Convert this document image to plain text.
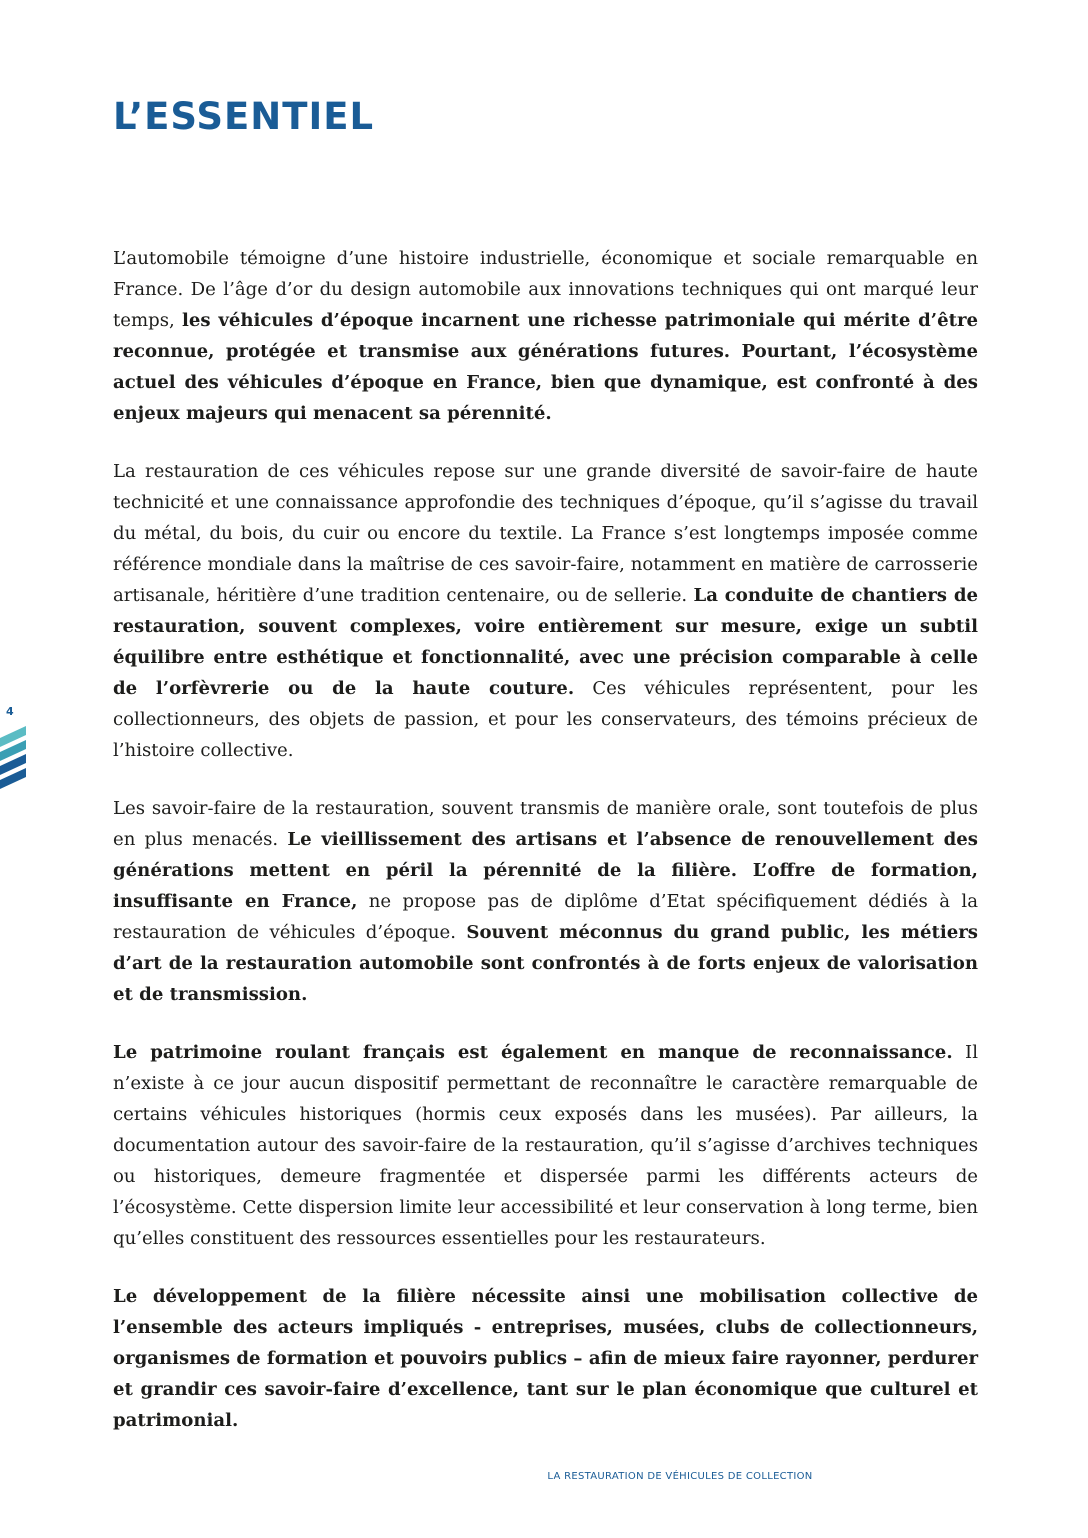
L’ESSENTIEL

L’automobile témoigne d’une histoire industrielle, économique et sociale remarquable en France. De l’âge d’or du design automobile aux innovations techniques qui ont marqué leur temps, les véhicules d’époque incarnent une richesse patrimoniale qui mérite d’être reconnue, protégée et transmise aux générations futures. Pourtant, l’écosystème actuel des véhicules d’époque en France, bien que dynamique, est confronté à des enjeux majeurs qui menacent sa pérennité.

La restauration de ces véhicules repose sur une grande diversité de savoir-faire de haute technicité et une connaissance approfondie des techniques d’époque, qu’il s’agisse du travail du métal, du bois, du cuir ou encore du textile. La France s’est longtemps imposée comme référence mondiale dans la maîtrise de ces savoir-faire, notamment en matière de carrosserie artisanale, héritière d’une tradition centenaire, ou de sellerie. La conduite de chantiers de restauration, souvent complexes, voire entièrement sur mesure, exige un subtil équilibre entre esthétique et fonctionnalité, avec une précision comparable à celle de l’orfèvrerie ou de la haute couture. Ces véhicules représentent, pour les collectionneurs, des objets de passion, et pour les conservateurs, des témoins précieux de l’histoire collective.

Les savoir-faire de la restauration, souvent transmis de manière orale, sont toutefois de plus en plus menacés. Le vieillissement des artisans et l’absence de renouvellement des générations mettent en péril la pérennité de la filière. L’offre de formation, insuffisante en France, ne propose pas de diplôme d’Etat spécifiquement dédiés à la restauration de véhicules d’époque. Souvent méconnus du grand public, les métiers d’art de la restauration automobile sont confrontés à de forts enjeux de valorisation et de transmission.

Le patrimoine roulant français est également en manque de reconnaissance. Il n’existe à ce jour aucun dispositif permettant de reconnaître le caractère remarquable de certains véhicules historiques (hormis ceux exposés dans les musées). Par ailleurs, la documentation autour des savoir-faire de la restauration, qu’il s’agisse d’archives techniques ou historiques, demeure fragmentée et dispersée parmi les différents acteurs de l’écosystème. Cette dispersion limite leur accessibilité et leur conservation à long terme, bien qu’elles constituent des ressources essentielles pour les restaurateurs.

Le développement de la filière nécessite ainsi une mobilisation collective de l’ensemble des acteurs impliqués - entreprises, musées, clubs de collectionneurs, organismes de formation et pouvoirs publics – afin de mieux faire rayonner, perdurer et grandir ces savoir-faire d’excellence, tant sur le plan économique que culturel et patrimonial.

4
LA RESTAURATION DE VÉHICULES DE COLLECTION
